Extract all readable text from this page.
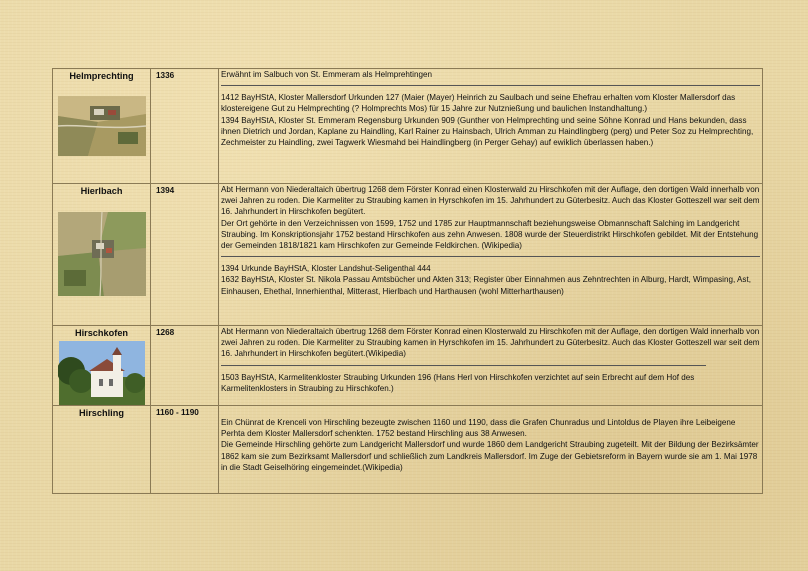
Helmprechting	1336	Erwähnt im Salbuch von St. Emmeram als Helmprehtingen

1412 BayHStA, Kloster Mallersdorf Urkunden 127 (Maier (Mayer) Heinrich zu Saulbach und seine Ehefrau erhalten vom Kloster Mallersdorf das klostereigene Gut zu Helmprechting (? Holmprechts Mos) für 15 Jahre zur Nutznießung und baulichen Instandhaltung.)

1394 BayHStA, Kloster St. Emmeram Regensburg Urkunden 909 (Gunther von Helmprechting und seine Söhne Konrad und Hans bekunden, dass ihnen Dietrich und Jordan, Kaplane zu Haindling, Karl Rainer zu Hainsbach, Ulrich Amman zu Haindlingberg (perg) und Peter Soz zu Helmprechting, Zechmeister zu Haindling, zwei Tagwerk Wiesmahd bei Haindlingberg (in Perger Gehay) auf ewiklich überlassen haben.)

Hierlbach	1394	Abt Hermann von Niederaltaich übertrug 1268 dem Förster Konrad einen Klosterwald zu Hirschkofen mit der Auflage, den dortigen Wald innerhalb von zwei Jahren zu roden. Die Karmeliter zu Straubing kamen in Hyrschkofen im 15. Jahrhundert zu Güterbesitz. Auch das Kloster Gotteszell war seit dem 16. Jahrhundert in Hirschkofen begütert.

Der Ort gehörte in den Verzeichnissen von 1599, 1752 und 1785 zur Hauptmannschaft beziehungsweise Obmannschaft Salching im Landgericht Straubing. Im Konskriptionsjahr 1752 bestand Hirschkofen aus zehn Anwesen. 1808 wurde der Steuerdistrikt Hirschkofen gebildet. Mit der Entstehung der Gemeinden 1818/1821 kam Hirschkofen zur Gemeinde Feldkirchen. (Wikipedia)

1394 Urkunde BayHStA, Kloster Landshut-Seligenthal 444

1632 BayHStA, Kloster St. Nikola Passau Amtsbücher und Akten 313; Register über Einnahmen aus Zehntrechten in Alburg, Hardt, Wimpasing, Ast, Einhausen, Ehethal, Innerhienthal, Mitterast, Hierlbach und Harthausen (wohl Mitterharthausen)

Hirschkofen	1268	Abt Hermann von Niederaltaich übertrug 1268 dem Förster Konrad einen Klosterwald zu Hirschkofen mit der Auflage, den dortigen Wald innerhalb von zwei Jahren zu roden. Die Karmeliter zu Straubing kamen in Hyrschkofen im 15. Jahrhundert zu Güterbesitz. Auch das Kloster Gotteszell war seit dem 16. Jahrhundert in Hirschkofen begütert.(Wikipedia)

1503 BayHStA, Karmelitenkloster Straubing Urkunden 196 (Hans Herl von Hirschkofen verzichtet auf sein Erbrecht auf dem Hof des Karmelitenklosters in Straubing zu Hirschkofen.)

Hirschling	1160 - 1190	Ein Chünrat de Krenceli von Hirschling bezeugte zwischen 1160 und 1190, dass die Grafen Chunradus und Lintoldus de Playen ihre Leibeigene Perhta dem Kloster Mallersdorf schenkten. 1752 bestand Hirschling aus 38 Anwesen.

Die Gemeinde Hirschling gehörte zum Landgericht Mallersdorf und wurde 1860 dem Landgericht Straubing zugeteilt. Mit der Bildung der Bezirksämter 1862 kam sie zum Bezirksamt Mallersdorf und schließlich zum Landkreis Mallersdorf. Im Zuge der Gebietsreform in Bayern wurde sie am 1. Mai 1978 in die Stadt Geiselhöring eingemeindet.(Wikipedia)
